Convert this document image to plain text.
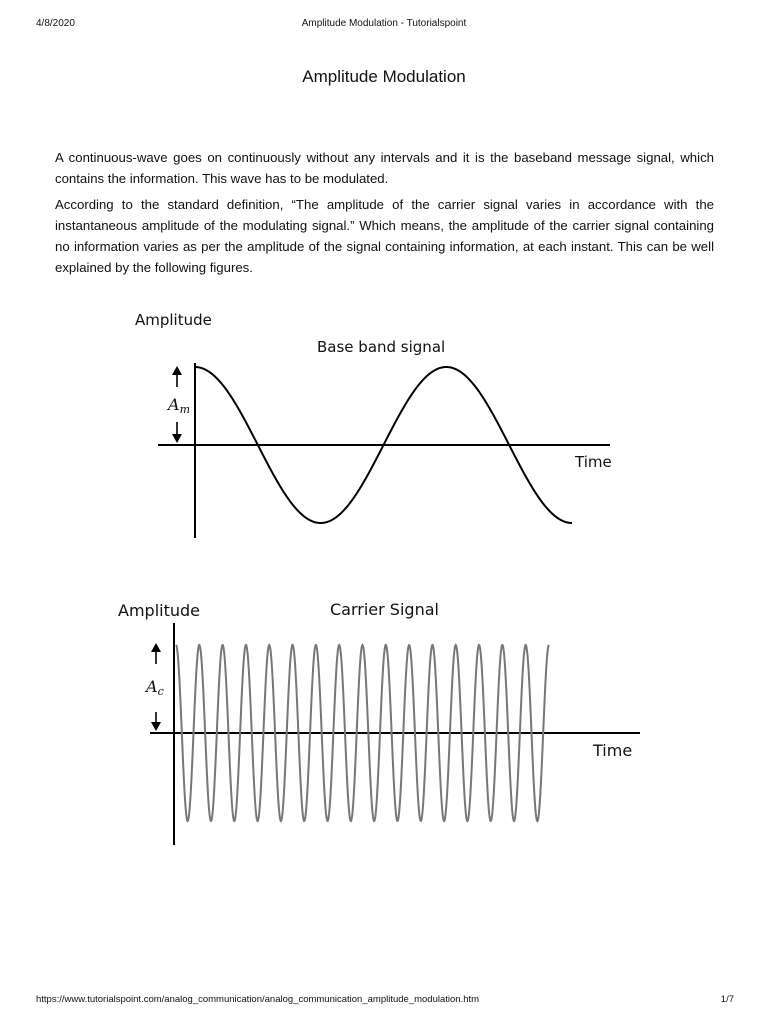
4/8/2020	Amplitude Modulation - Tutorialspoint
Amplitude Modulation

A continuous-wave goes on continuously without any intervals and it is the baseband message signal, which contains the information. This wave has to be modulated.

According to the standard definition, “The amplitude of the carrier signal varies in accordance with the instantaneous amplitude of the modulating signal.” Which means, the amplitude of the carrier signal containing no information varies as per the amplitude of the signal containing information, at each instant. This can be well explained by the following figures.

Amplitude
Base band signal
Time
Am
Amplitude	Carrier Signal
Time
Ac
https://www.tutorialspoint.com/analog_communication/analog_communication_amplitude_modulation.htm	1/7
